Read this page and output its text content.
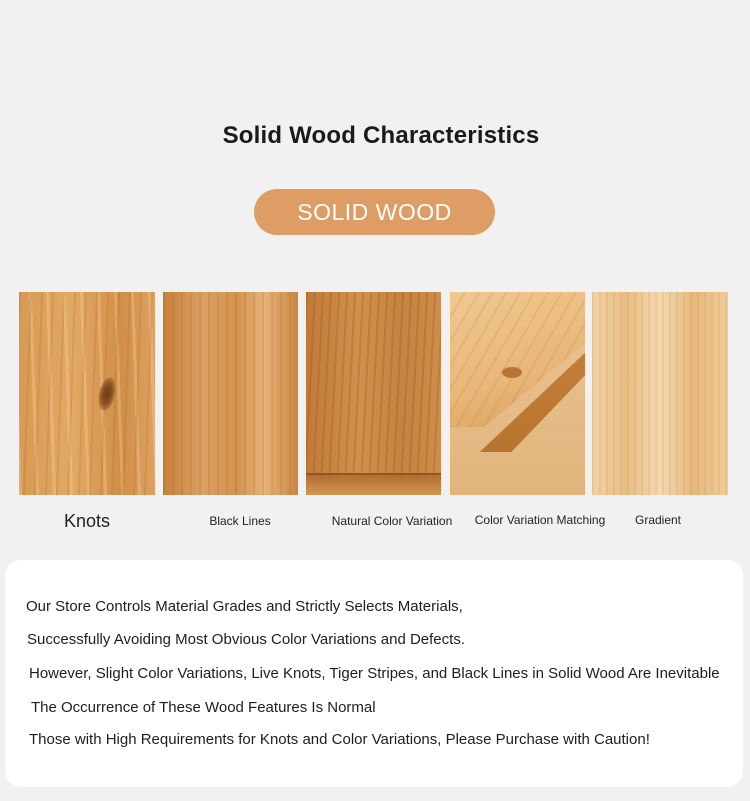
Solid Wood Characteristics
SOLID WOOD
Knots	Black Lines	Natural Color Variation	Color Variation Matching	Gradient
Our Store Controls Material Grades and Strictly Selects Materials,
Successfully Avoiding Most Obvious Color Variations and Defects.
However, Slight Color Variations, Live Knots, Tiger Stripes, and Black Lines in Solid Wood Are Inevitable
The Occurrence of These Wood Features Is Normal
Those with High Requirements for Knots and Color Variations, Please Purchase with Caution!
